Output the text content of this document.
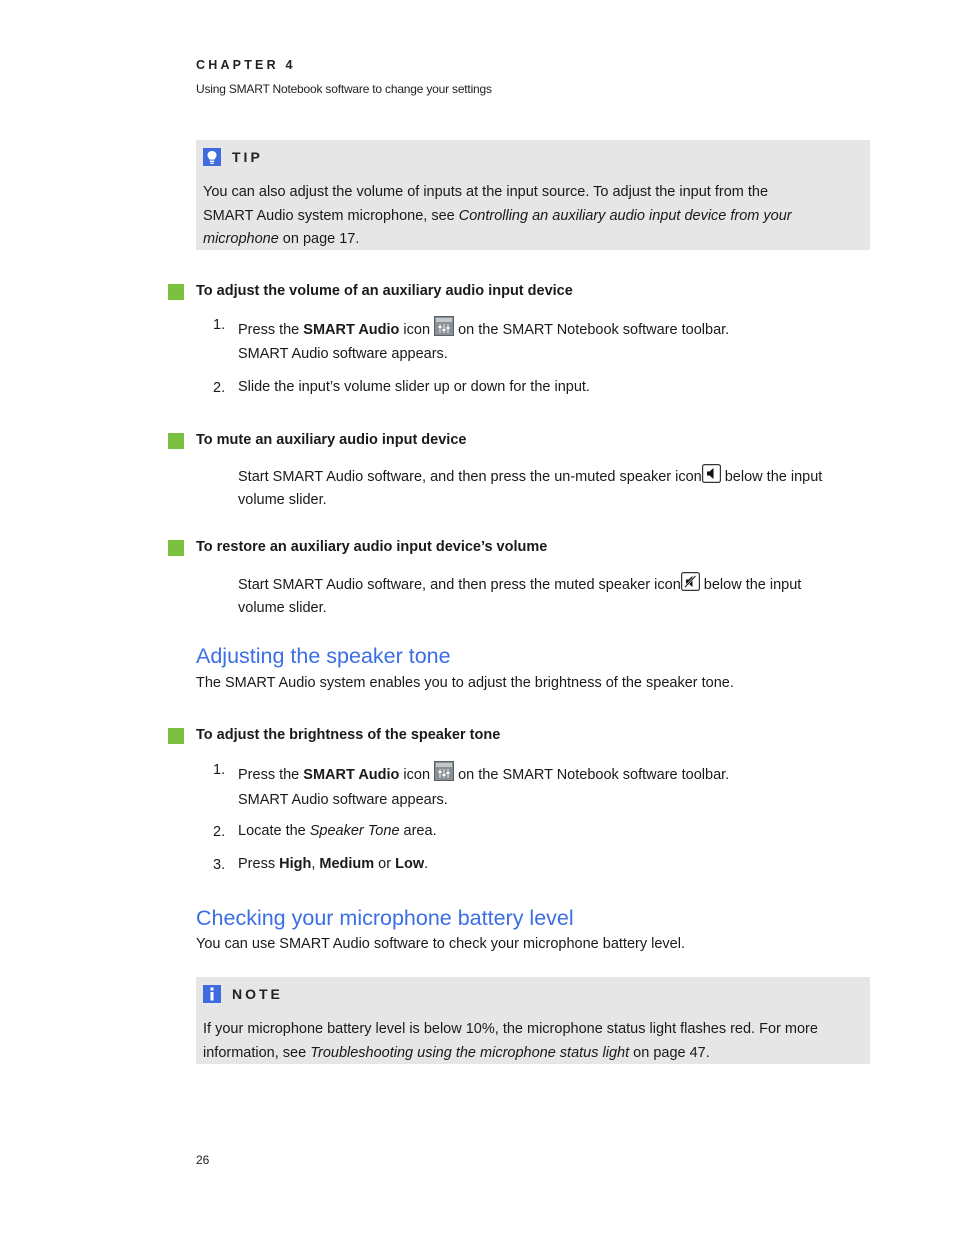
CHAPTER 4
Using SMART Notebook software to change your settings
TIP
You can also adjust the volume of inputs at the input source. To adjust the input from the
SMART Audio system microphone, see Controlling an auxiliary audio input device from your
microphone on page 17.
To adjust the volume of an auxiliary audio input device
1. Press the SMART Audio icon  on the SMART Notebook software toolbar.
SMART Audio software appears.
2. Slide the input’s volume slider up or down for the input.
To mute an auxiliary audio input device
Start SMART Audio software, and then press the un-muted speaker icon below the input
volume slider.
To restore an auxiliary audio input device’s volume
Start SMART Audio software, and then press the muted speaker icon below the input
volume slider.
Adjusting the speaker tone
The SMART Audio system enables you to adjust the brightness of the speaker tone.
To adjust the brightness of the speaker tone
1. Press the SMART Audio icon  on the SMART Notebook software toolbar.
SMART Audio software appears.
2. Locate the Speaker Tone area.
3. Press High, Medium or Low.
Checking your microphone battery level
You can use SMART Audio software to check your microphone battery level.
NOTE
If your microphone battery level is below 10%, the microphone status light flashes red. For more
information, see Troubleshooting using the microphone status light on page 47.
26
